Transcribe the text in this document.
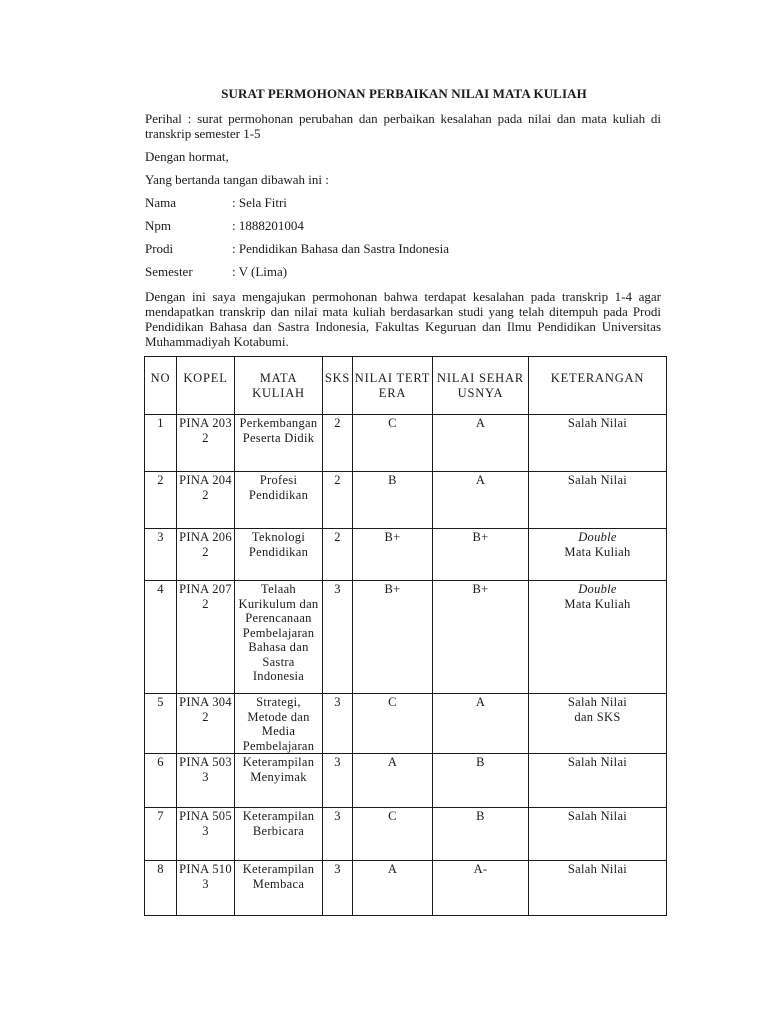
SURAT PERMOHONAN PERBAIKAN NILAI MATA KULIAH
Perihal : surat permohonan perubahan dan perbaikan kesalahan pada nilai dan mata kuliah di transkrip semester 1-5
Dengan hormat,
Yang bertanda tangan dibawah ini :
Nama	: Sela Fitri
Npm	: 1888201004
Prodi	: Pendidikan Bahasa dan Sastra Indonesia
Semester	: V (Lima)
Dengan ini saya mengajukan permohonan bahwa terdapat kesalahan pada transkrip 1-4 agar mendapatkan transkrip dan nilai mata kuliah berdasarkan studi yang telah ditempuh pada Prodi Pendidikan Bahasa dan Sastra Indonesia, Fakultas Keguruan dan Ilmu Pendidikan Universitas Muhammadiyah Kotabumi.
NO	KOPEL	MATA KULIAH	SKS	NILAI TERTERA	NILAI SEHARUSNYA	KETERANGAN
1	PINA 2032	Perkembangan Peserta Didik	2	C	A	Salah Nilai

2	PINA 2042	Profesi Pendidikan	2	B	A	Salah Nilai

3	PINA 2062	Teknologi Pendidikan	2	B+	B+	Double
Mata Kuliah

4	PINA 2072	Telaah Kurikulum dan Perencanaan Pembelajaran Bahasa dan Sastra Indonesia	3	B+	B+	Double
Mata Kuliah

5	PINA 3042	Strategi, Metode dan Media Pembelajaran	3	C	A	Salah Nilai dan SKS

6	PINA 5033	Keterampilan Menyimak	3	A	B	Salah Nilai

7	PINA 5053	Keterampilan Berbicara	3	C	B	Salah Nilai

8	PINA 5103	Keterampilan Membaca	3	A	A-	Salah Nilai
